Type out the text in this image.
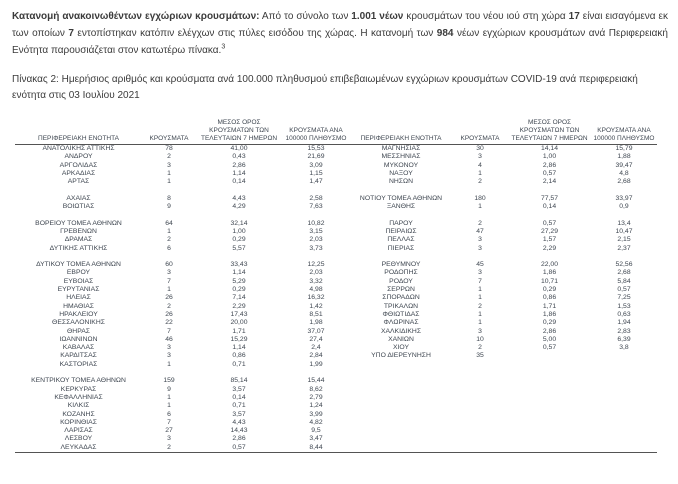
Κατανομή ανακοινωθέντων εγχώριων κρουσμάτων: Από το σύνολο των 1.001 νέων κρουσμάτων του νέου ιού στη χώρα 17 είναι εισαγόμενα εκ των οποίων 7 εντοπίστηκαν κατόπιν ελέγχων στις πύλες εισόδου της χώρας. Η κατανομή των 984 νέων εγχώριων κρουσμάτων ανά Περιφερειακή Ενότητα παρουσιάζεται στον κατωτέρω πίνακα.$^3$

Πίνακας 2: Ημερήσιος αριθμός και κρούσματα ανά 100.000 πληθυσμού επιβεβαιωμένων εγχώριων κρουσμάτων COVID-19 ανά περιφερειακή ενότητα στις 03 Ιουλίου 2021

ΠΕΡΙΦΕΡΕΙΑΚΗ ΕΝΟΤΗΤΑ	ΚΡΟΥΣΜΑΤΑ	ΜΕΣΟΣ ΟΡΟΣ ΚΡΟΥΣΜΑΤΩΝ ΤΩΝ ΤΕΛΕΥΤΑΙΩΝ 7 ΗΜΕΡΩΝ	ΚΡΟΥΣΜΑΤΑ ΑΝΑ 100000 ΠΛΗΘΥΣΜΟ	ΠΕΡΙΦΕΡΕΙΑΚΗ ΕΝΟΤΗΤΑ	ΚΡΟΥΣΜΑΤΑ	ΜΕΣΟΣ ΟΡΟΣ ΚΡΟΥΣΜΑΤΩΝ ΤΩΝ ΤΕΛΕΥΤΑΙΩΝ 7 ΗΜΕΡΩΝ	ΚΡΟΥΣΜΑΤΑ ΑΝΑ 100000 ΠΛΗΘΥΣΜΟ
ΑΝΑΤΟΛΙΚΗΣ ΑΤΤΙΚΗΣ	78	41,00	15,53	ΜΑΓΝΗΣΙΑΣ	30	14,14	15,79
ΑΝΔΡΟΥ	2	0,43	21,69	ΜΕΣΣΗΝΙΑΣ	3	1,00	1,88
ΑΡΓΟΛΙΔΑΣ	3	2,86	3,09	ΜΥΚΟΝΟΥ	4	2,86	39,47
ΑΡΚΑΔΙΑΣ	1	1,14	1,15	ΝΑΞΟΥ	1	0,57	4,8
ΑΡΤΑΣ	1	0,14	1,47	ΝΗΣΩΝ	2	2,14	2,68

ΑΧΑΪΑΣ	8	4,43	2,58	ΝΟΤΙΟΥ ΤΟΜΕΑ ΑΘΗΝΩΝ	180	77,57	33,97
ΒΟΙΩΤΙΑΣ	9	4,29	7,63	ΞΑΝΘΗΣ	1	0,14	0,9

ΒΟΡΕΙΟΥ ΤΟΜΕΑ ΑΘΗΝΩΝ	64	32,14	10,82	ΠΑΡΟΥ	2	0,57	13,4
ΓΡΕΒΕΝΩΝ	1	1,00	3,15	ΠΕΙΡΑΙΩΣ	47	27,29	10,47
ΔΡΑΜΑΣ	2	0,29	2,03	ΠΕΛΛΑΣ	3	1,57	2,15
ΔΥΤΙΚΗΣ ΑΤΤΙΚΗΣ	6	5,57	3,73	ΠΙΕΡΙΑΣ	3	2,29	2,37

ΔΥΤΙΚΟΥ ΤΟΜΕΑ ΑΘΗΝΩΝ	60	33,43	12,25	ΡΕΘΥΜΝΟΥ	45	22,00	52,56
ΕΒΡΟΥ	3	1,14	2,03	ΡΟΔΟΠΗΣ	3	1,86	2,68
ΕΥΒΟΙΑΣ	7	5,29	3,32	ΡΟΔΟΥ	7	10,71	5,84
ΕΥΡΥΤΑΝΙΑΣ	1	0,29	4,98	ΣΕΡΡΩΝ	1	0,29	0,57
ΗΛΕΙΑΣ	26	7,14	16,32	ΣΠΟΡΑΔΩΝ	1	0,86	7,25
ΗΜΑΘΙΑΣ	2	2,29	1,42	ΤΡΙΚΑΛΩΝ	2	1,71	1,53
ΗΡΑΚΛΕΙΟΥ	26	17,43	8,51	ΦΘΙΩΤΙΔΑΣ	1	1,86	0,63
ΘΕΣΣΑΛΟΝΙΚΗΣ	22	20,00	1,98	ΦΛΩΡΙΝΑΣ	1	0,29	1,94
ΘΗΡΑΣ	7	1,71	37,07	ΧΑΛΚΙΔΙΚΗΣ	3	2,86	2,83
ΙΩΑΝΝΙΝΩΝ	46	15,29	27,4	ΧΑΝΙΩΝ	10	5,00	6,39
ΚΑΒΑΛΑΣ	3	1,14	2,4	ΧΙΟΥ	2	0,57	3,8
ΚΑΡΔΙΤΣΑΣ	3	0,86	2,84	ΥΠΟ ΔΙΕΡΕΥΝΗΣΗ	35		
ΚΑΣΤΟΡΙΑΣ	1	0,71	1,99				

ΚΕΝΤΡΙΚΟΥ ΤΟΜΕΑ ΑΘΗΝΩΝ	159	85,14	15,44				
ΚΕΡΚΥΡΑΣ	9	3,57	8,62				
ΚΕΦΑΛΛΗΝΙΑΣ	1	0,14	2,79				
ΚΙΛΚΙΣ	1	0,71	1,24				
ΚΟΖΑΝΗΣ	6	3,57	3,99				
ΚΟΡΙΝΘΙΑΣ	7	4,43	4,82				
ΛΑΡΙΣΑΣ	27	14,43	9,5				
ΛΕΣΒΟΥ	3	2,86	3,47				
ΛΕΥΚΑΔΑΣ	2	0,57	8,44				
